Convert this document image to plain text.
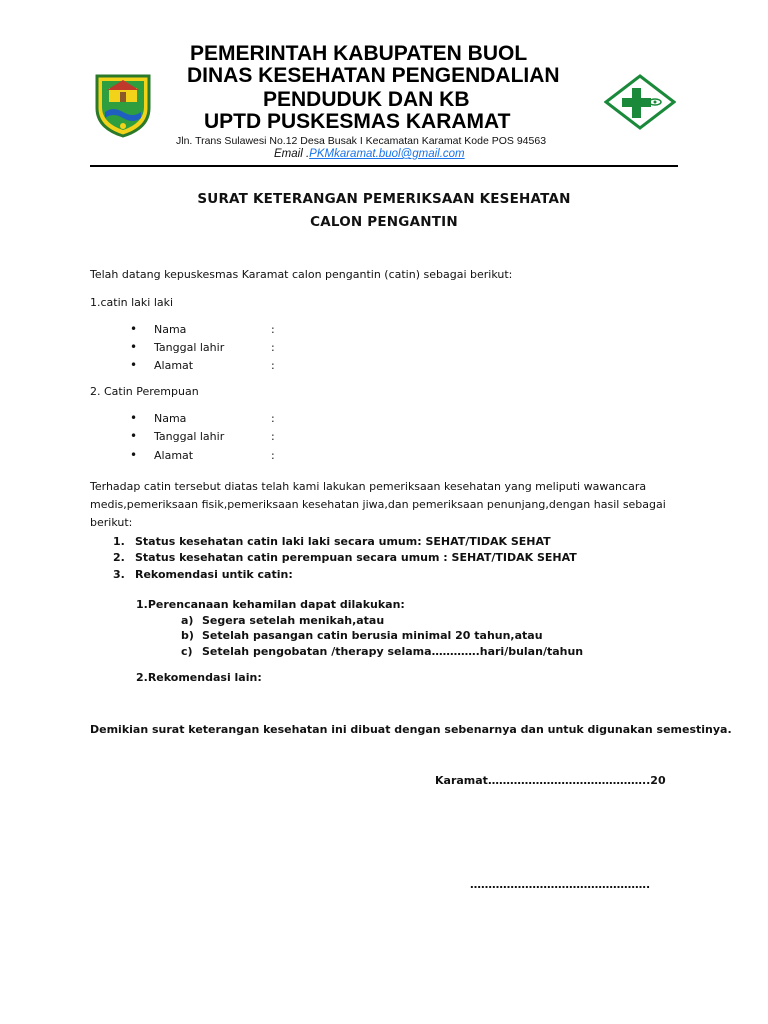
PEMERINTAH KABUPATEN BUOL
DINAS KESEHATAN PENGENDALIAN
PENDUDUK DAN KB
UPTD PUSKESMAS KARAMAT
Jln. Trans Sulawesi No.12 Desa Busak I Kecamatan Karamat Kode POS 94563
Email .PKMkaramat.buol@gmail.com
SURAT KETERANGAN PEMERIKSAAN KESEHATAN
CALON PENGANTIN
Telah datang kepuskesmas Karamat calon pengantin (catin) sebagai berikut:
1.catin laki laki
• Nama	:
• Tanggal lahir	:
• Alamat	:
2. Catin Perempuan
• Nama	:
• Tanggal lahir	:
• Alamat	:
Terhadap catin tersebut diatas telah kami lakukan pemeriksaan kesehatan yang meliputi wawancara medis,pemeriksaan fisik,pemeriksaan kesehatan jiwa,dan pemeriksaan penunjang,dengan hasil sebagai berikut:
1. Status kesehatan catin laki laki secara umum: SEHAT/TIDAK SEHAT
2. Status kesehatan catin perempuan secara umum : SEHAT/TIDAK SEHAT
3. Rekomendasi untik catin:
1.Perencanaan kehamilan dapat dilakukan:
a) Segera setelah menikah,atau
b) Setelah pasangan catin berusia minimal 20 tahun,atau
c) Setelah pengobatan /therapy selama………….hari/bulan/tahun
2.Rekomendasi lain:
Demikian surat keterangan kesehatan ini dibuat dengan sebenarnya dan untuk digunakan semestinya.
Karamat……………………………………..20
………………………………………….
